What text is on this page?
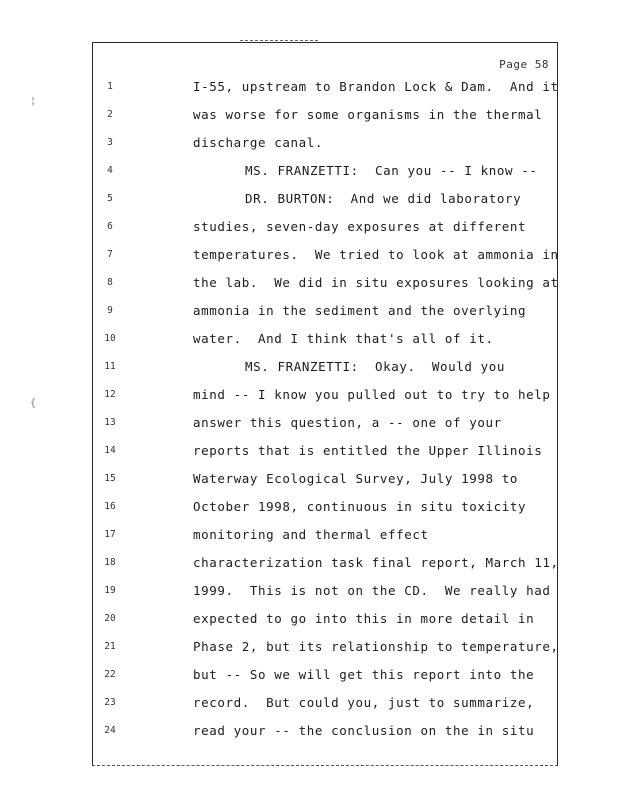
¦
{
Page 58
1	I-55, upstream to Brandon Lock & Dam.  And it
2	was worse for some organisms in the thermal
3	discharge canal.
4	MS. FRANZETTI:  Can you -- I know --
5	DR. BURTON:  And we did laboratory
6	studies, seven-day exposures at different
7	temperatures.  We tried to look at ammonia in
8	the lab.  We did in situ exposures looking at
9	ammonia in the sediment and the overlying
10	water.  And I think that's all of it.
11	MS. FRANZETTI:  Okay.  Would you
12	mind -- I know you pulled out to try to help
13	answer this question, a -- one of your
14	reports that is entitled the Upper Illinois
15	Waterway Ecological Survey, July 1998 to
16	October 1998, continuous in situ toxicity
17	monitoring and thermal effect
18	characterization task final report, March 11,
19	1999.  This is not on the CD.  We really had
20	expected to go into this in more detail in
21	Phase 2, but its relationship to temperature,
22	but -- So we will get this report into the
23	record.  But could you, just to summarize,
24	read your -- the conclusion on the in situ
